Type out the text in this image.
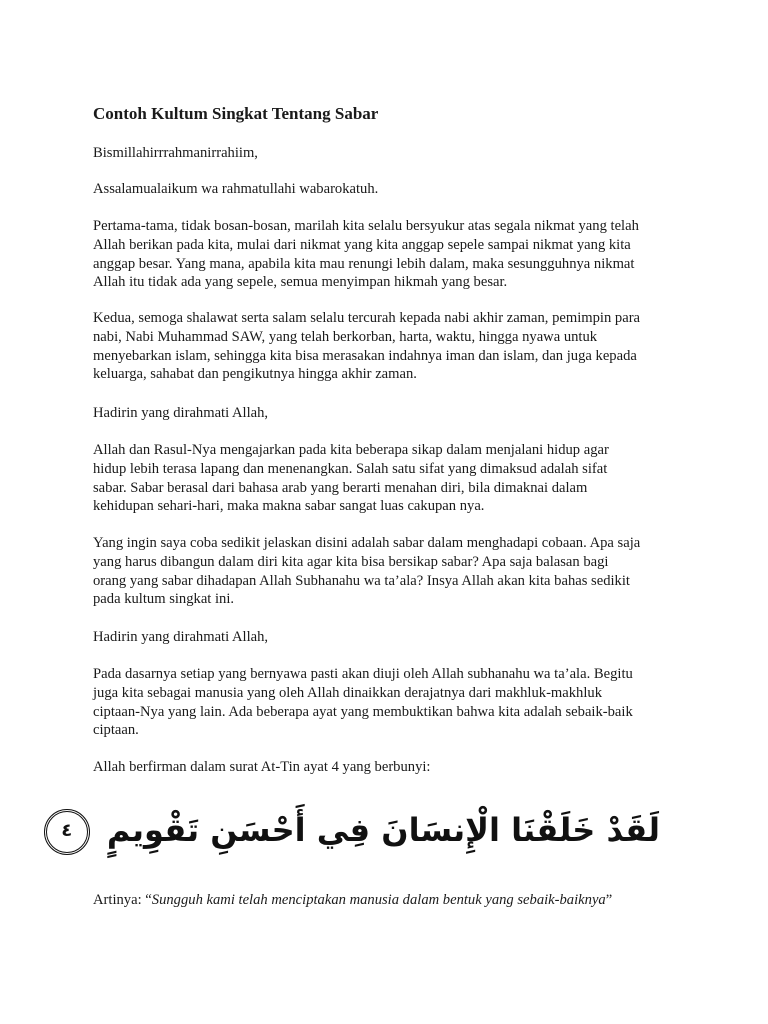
Contoh Kultum Singkat Tentang Sabar
Bismillahirrrahmanirrahiim,
Assalamualaikum wa rahmatullahi wabarokatuh.
Pertama-tama, tidak bosan-bosan, marilah kita selalu bersyukur atas segala nikmat yang telah
Allah berikan pada kita, mulai dari nikmat yang kita anggap sepele sampai nikmat yang kita
anggap besar. Yang mana, apabila kita mau renungi lebih dalam, maka sesungguhnya nikmat
Allah itu tidak ada yang sepele, semua menyimpan hikmah yang besar.
Kedua, semoga shalawat serta salam selalu tercurah kepada nabi akhir zaman, pemimpin para
nabi, Nabi Muhammad SAW, yang telah berkorban, harta, waktu, hingga nyawa untuk
menyebarkan islam, sehingga kita bisa merasakan indahnya iman dan islam, dan juga kepada
keluarga, sahabat dan pengikutnya hingga akhir zaman.
Hadirin yang dirahmati Allah,
Allah dan Rasul-Nya mengajarkan pada kita beberapa sikap dalam menjalani hidup agar
hidup lebih terasa lapang dan menenangkan. Salah satu sifat yang dimaksud adalah sifat
sabar. Sabar berasal dari bahasa arab yang berarti menahan diri, bila dimaknai dalam
kehidupan sehari-hari, maka makna sabar sangat luas cakupan nya.
Yang ingin saya coba sedikit jelaskan disini adalah sabar dalam menghadapi cobaan. Apa saja
yang harus dibangun dalam diri kita agar kita bisa bersikap sabar? Apa saja balasan bagi
orang yang sabar dihadapan Allah Subhanahu wa ta’ala? Insya Allah akan kita bahas sedikit
pada kultum singkat ini.
Hadirin yang dirahmati Allah,
Pada dasarnya setiap yang bernyawa pasti akan diuji oleh Allah subhanahu wa ta’ala. Begitu
juga kita sebagai manusia yang oleh Allah dinaikkan derajatnya dari makhluk-makhluk
ciptaan-Nya yang lain. Ada beberapa ayat yang membuktikan bahwa kita adalah sebaik-baik
ciptaan.
Allah berfirman dalam surat At-Tin ayat 4 yang berbunyi:
لَقَدْ خَلَقْنَا الْإِنسَانَ فِي أَحْسَنِ تَقْوِيمٍ ٤
Artinya: “Sungguh kami telah menciptakan manusia dalam bentuk yang sebaik-baiknya”
